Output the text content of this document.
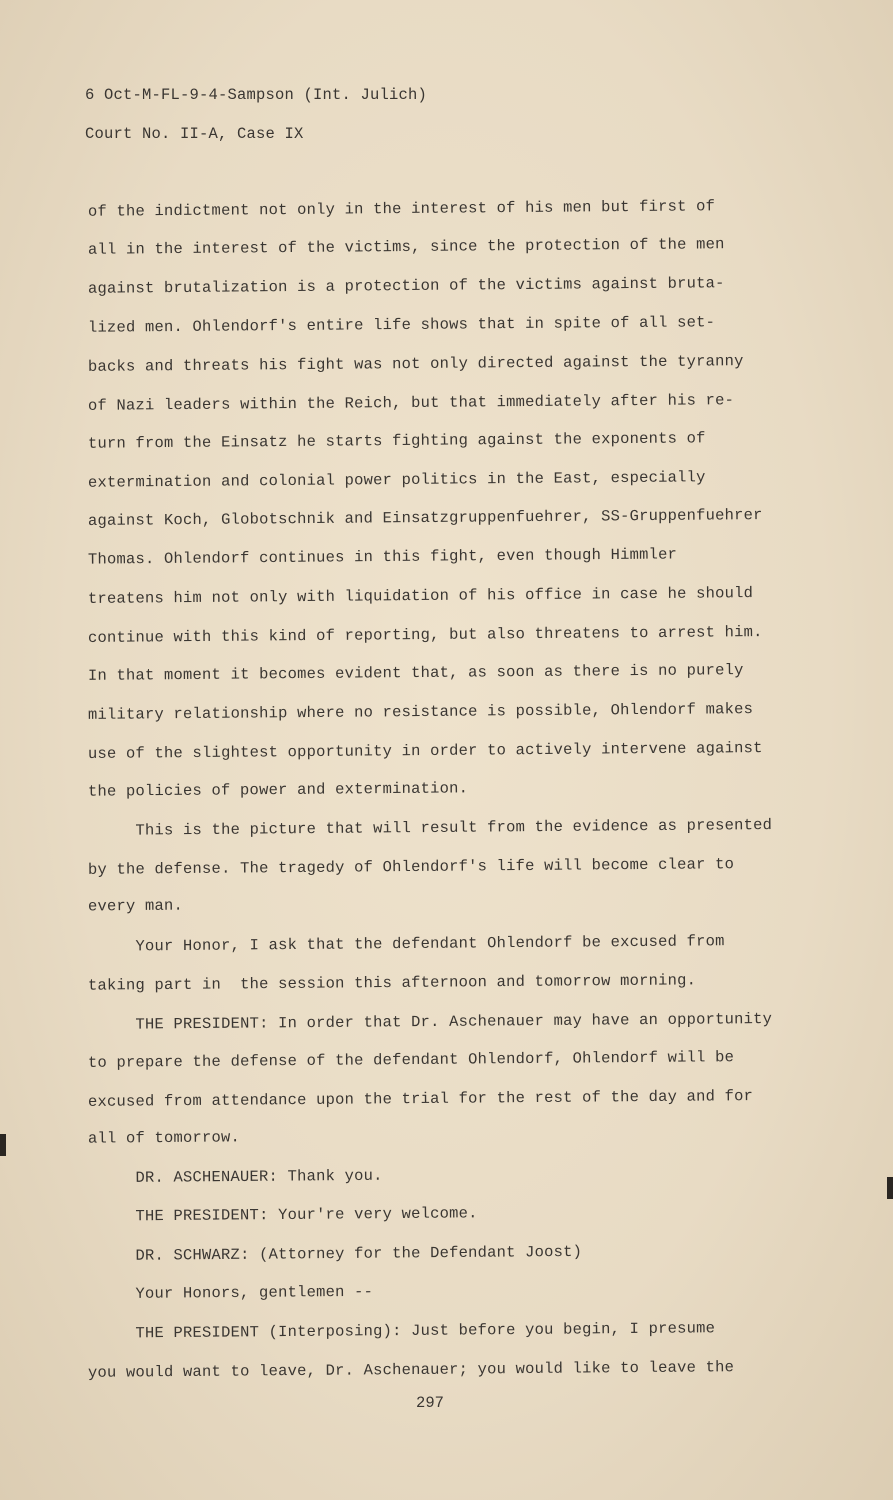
6 Oct-M-FL-9-4-Sampson (Int. Julich)
Court No. II-A, Case IX
of the indictment not only in the interest of his men but first of
all in the interest of the victims, since the protection of the men
against brutalization is a protection of the victims against bruta-
lized men. Ohlendorf's entire life shows that in spite of all set-
backs and threats his fight was not only directed against the tyranny
of Nazi leaders within the Reich, but that immediately after his re-
turn from the Einsatz he starts fighting against the exponents of
extermination and colonial power politics in the East, especially
against Koch, Globotschnik and Einsatzgruppenfuehrer, SS-Gruppenfuehrer
Thomas. Ohlendorf continues in this fight, even though Himmler
treatens him not only with liquidation of his office in case he should
continue with this kind of reporting, but also threatens to arrest him.
In that moment it becomes evident that, as soon as there is no purely
military relationship where no resistance is possible, Ohlendorf makes
use of the slightest opportunity in order to actively intervene against
the policies of power and extermination.
This is the picture that will result from the evidence as presented
by the defense. The tragedy of Ohlendorf's life will become clear to
every man.
Your Honor, I ask that the defendant Ohlendorf be excused from
taking part in  the session this afternoon and tomorrow morning.
THE PRESIDENT: In order that Dr. Aschenauer may have an opportunity
to prepare the defense of the defendant Ohlendorf, Ohlendorf will be
excused from attendance upon the trial for the rest of the day and for
all of tomorrow.
DR. ASCHENAUER: Thank you.
THE PRESIDENT: Your're very welcome.
DR. SCHWARZ: (Attorney for the Defendant Joost)
Your Honors, gentlemen --
THE PRESIDENT (Interposing): Just before you begin, I presume
you would want to leave, Dr. Aschenauer; you would like to leave the
297
